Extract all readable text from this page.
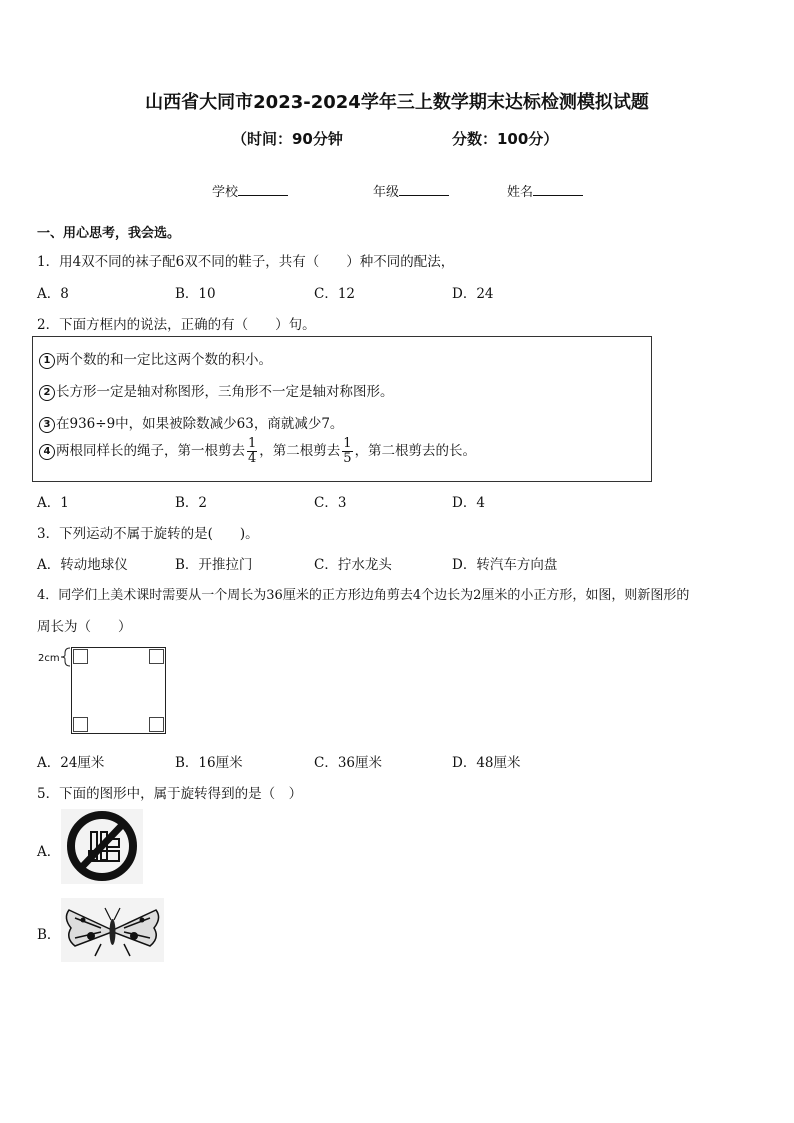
山西省大同市2023-2024学年三上数学期末达标检测模拟试题
（时间：90分钟	分数：100分）
学校	年级	姓名
一、用心思考，我会选。
1．用4双不同的袜子配6双不同的鞋子，共有（　　）种不同的配法，
A．8	B．10	C．12	D．24
2．下面方框内的说法，正确的有（　　）句。
1 两个数的和一定比这两个数的积小。
2 长方形一定是轴对称图形，三角形不一定是轴对称图形。
3 在936÷9中，如果被除数减少63，商就减少7。
4 两根同样长的绳子，第一根剪去 $\frac{1}{4}$ ，第二根剪去 $\frac{1}{5}$ ，第二根剪去的长。
A．1	B．2	C．3	D．4
3．下列运动不属于旋转的是(　　)。
A．转动地球仪	B．开推拉门	C．拧水龙头	D．转汽车方向盘
4．同学们上美术课时需要从一个周长为36厘米的正方形边角剪去4个边长为2厘米的小正方形，如图，则新图形的
周长为（　　）
2cm
A．24厘米	B．16厘米	C．36厘米	D．48厘米
5．下面的图形中，属于旋转得到的是（　）
A．
B．
